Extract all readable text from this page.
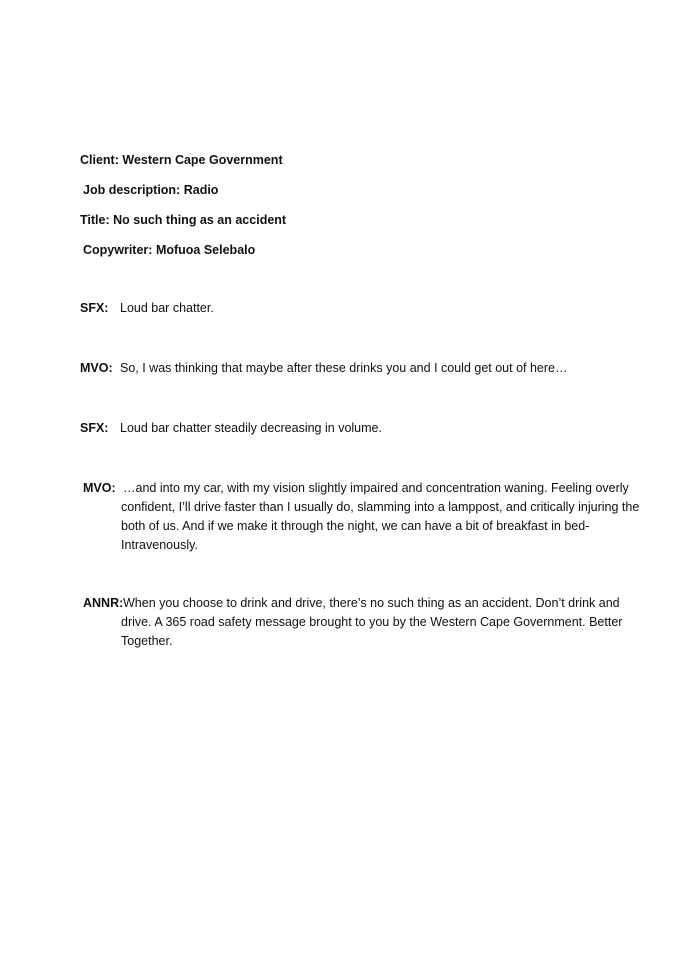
Client: Western Cape Government
Job description: Radio
Title: No such thing as an accident
Copywriter: Mofuoa Selebalo
SFX: Loud bar chatter.
MVO: So, I was thinking that maybe after these drinks you and I could get out of here…
SFX: Loud bar chatter steadily decreasing in volume.
MVO: …and into my car, with my vision slightly impaired and concentration waning. Feeling overly confident, I’ll drive faster than I usually do, slamming into a lamppost, and critically injuring the both of us. And if we make it through the night, we can have a bit of breakfast in bed- Intravenously.
ANNR:When you choose to drink and drive, there’s no such thing as an accident. Don’t drink and drive. A 365 road safety message brought to you by the Western Cape Government. Better Together.
